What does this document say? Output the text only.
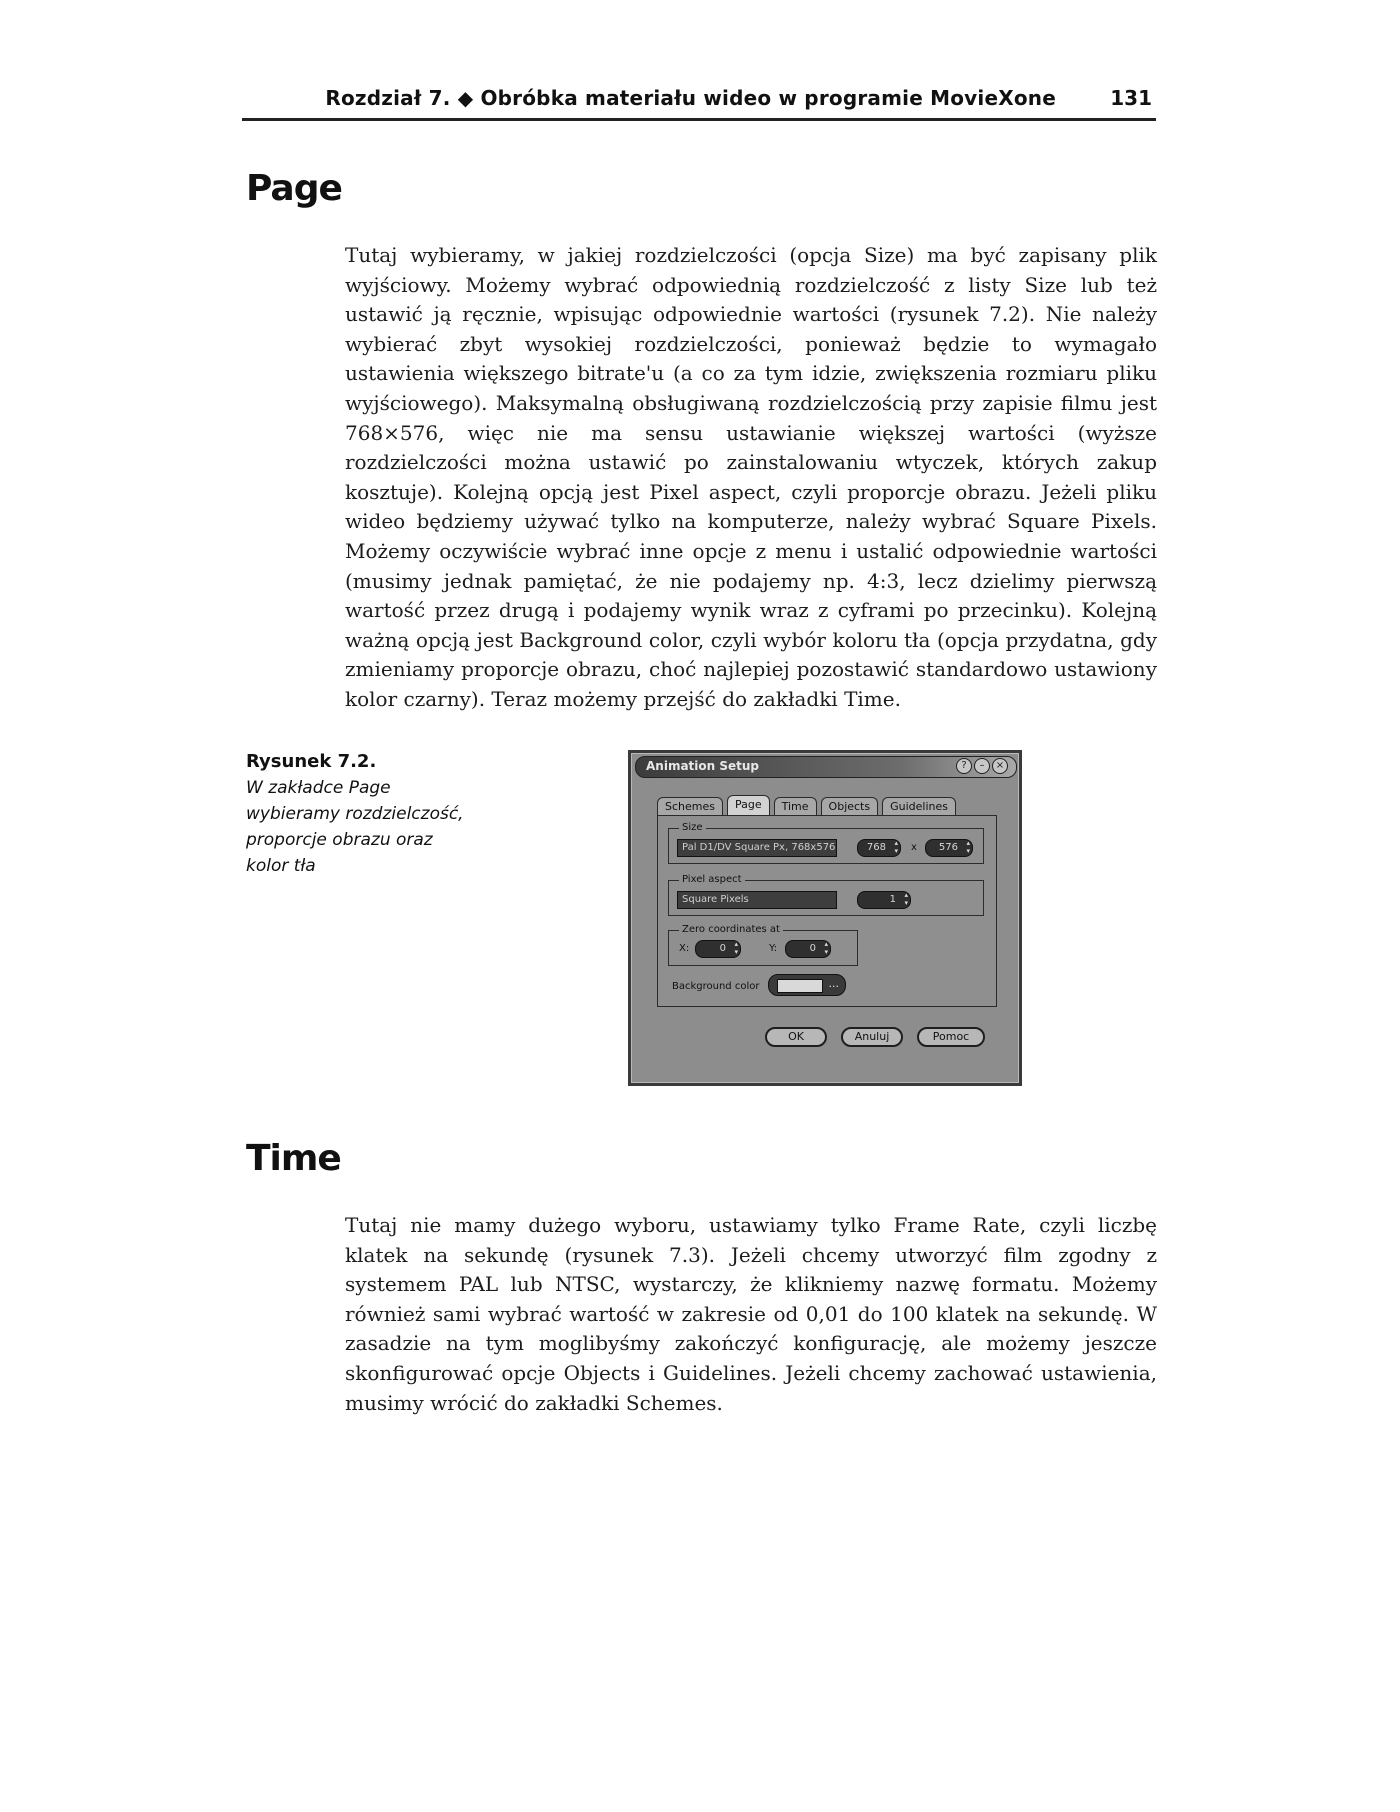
Rozdział 7. ◆ Obróbka materiału wideo w programie MovieXone	131
Page

Tutaj wybieramy, w jakiej rozdzielczości (opcja Size) ma być zapisany plik wyjściowy. Możemy wybrać odpowiednią rozdzielczość z listy Size lub też ustawić ją ręcznie, wpisując odpowiednie wartości (rysunek 7.2). Nie należy wybierać zbyt wysokiej rozdzielczości, ponieważ będzie to wymagało ustawienia większego bitrate'u (a co za tym idzie, zwiększenia rozmiaru pliku wyjściowego). Maksymalną obsługiwaną rozdzielczością przy zapisie filmu jest 768×576, więc nie ma sensu ustawianie większej wartości (wyższe rozdzielczości można ustawić po zainstalowaniu wtyczek, których zakup kosztuje). Kolejną opcją jest Pixel aspect, czyli proporcje obrazu. Jeżeli pliku wideo będziemy używać tylko na komputerze, należy wybrać Square Pixels. Możemy oczywiście wybrać inne opcje z menu i ustalić odpowiednie wartości (musimy jednak pamiętać, że nie podajemy np. 4:3, lecz dzielimy pierwszą wartość przez drugą i podajemy wynik wraz z cyframi po przecinku). Kolejną ważną opcją jest Background color, czyli wybór koloru tła (opcja przydatna, gdy zmieniamy proporcje obrazu, choć najlepiej pozostawić standardowo ustawiony kolor czarny). Teraz możemy przejść do zakładki Time.

Rysunek 7.2.
W zakładce Page wybieramy rozdzielczość, proporcje obrazu oraz kolor tła
Animation Setup	?	–	×
Schemes	Page	Time	Objects	Guidelines
Size
Pal D1/DV Square Px, 768x576	768 ▴ ▾	x	576 ▴ ▾
Pixel aspect
Square Pixels	1 ▴ ▾
Zero coordinates at
X:	0 ▴ ▾	Y:	0 ▴ ▾
Background color	...
OK	Anuluj	Pomoc
Time

Tutaj nie mamy dużego wyboru, ustawiamy tylko Frame Rate, czyli liczbę klatek na sekundę (rysunek 7.3). Jeżeli chcemy utworzyć film zgodny z systemem PAL lub NTSC, wystarczy, że klikniemy nazwę formatu. Możemy również sami wybrać wartość w zakresie od 0,01 do 100 klatek na sekundę. W zasadzie na tym moglibyśmy zakończyć konfigurację, ale możemy jeszcze skonfigurować opcje Objects i Guidelines. Jeżeli chcemy zachować ustawienia, musimy wrócić do zakładki Schemes.
